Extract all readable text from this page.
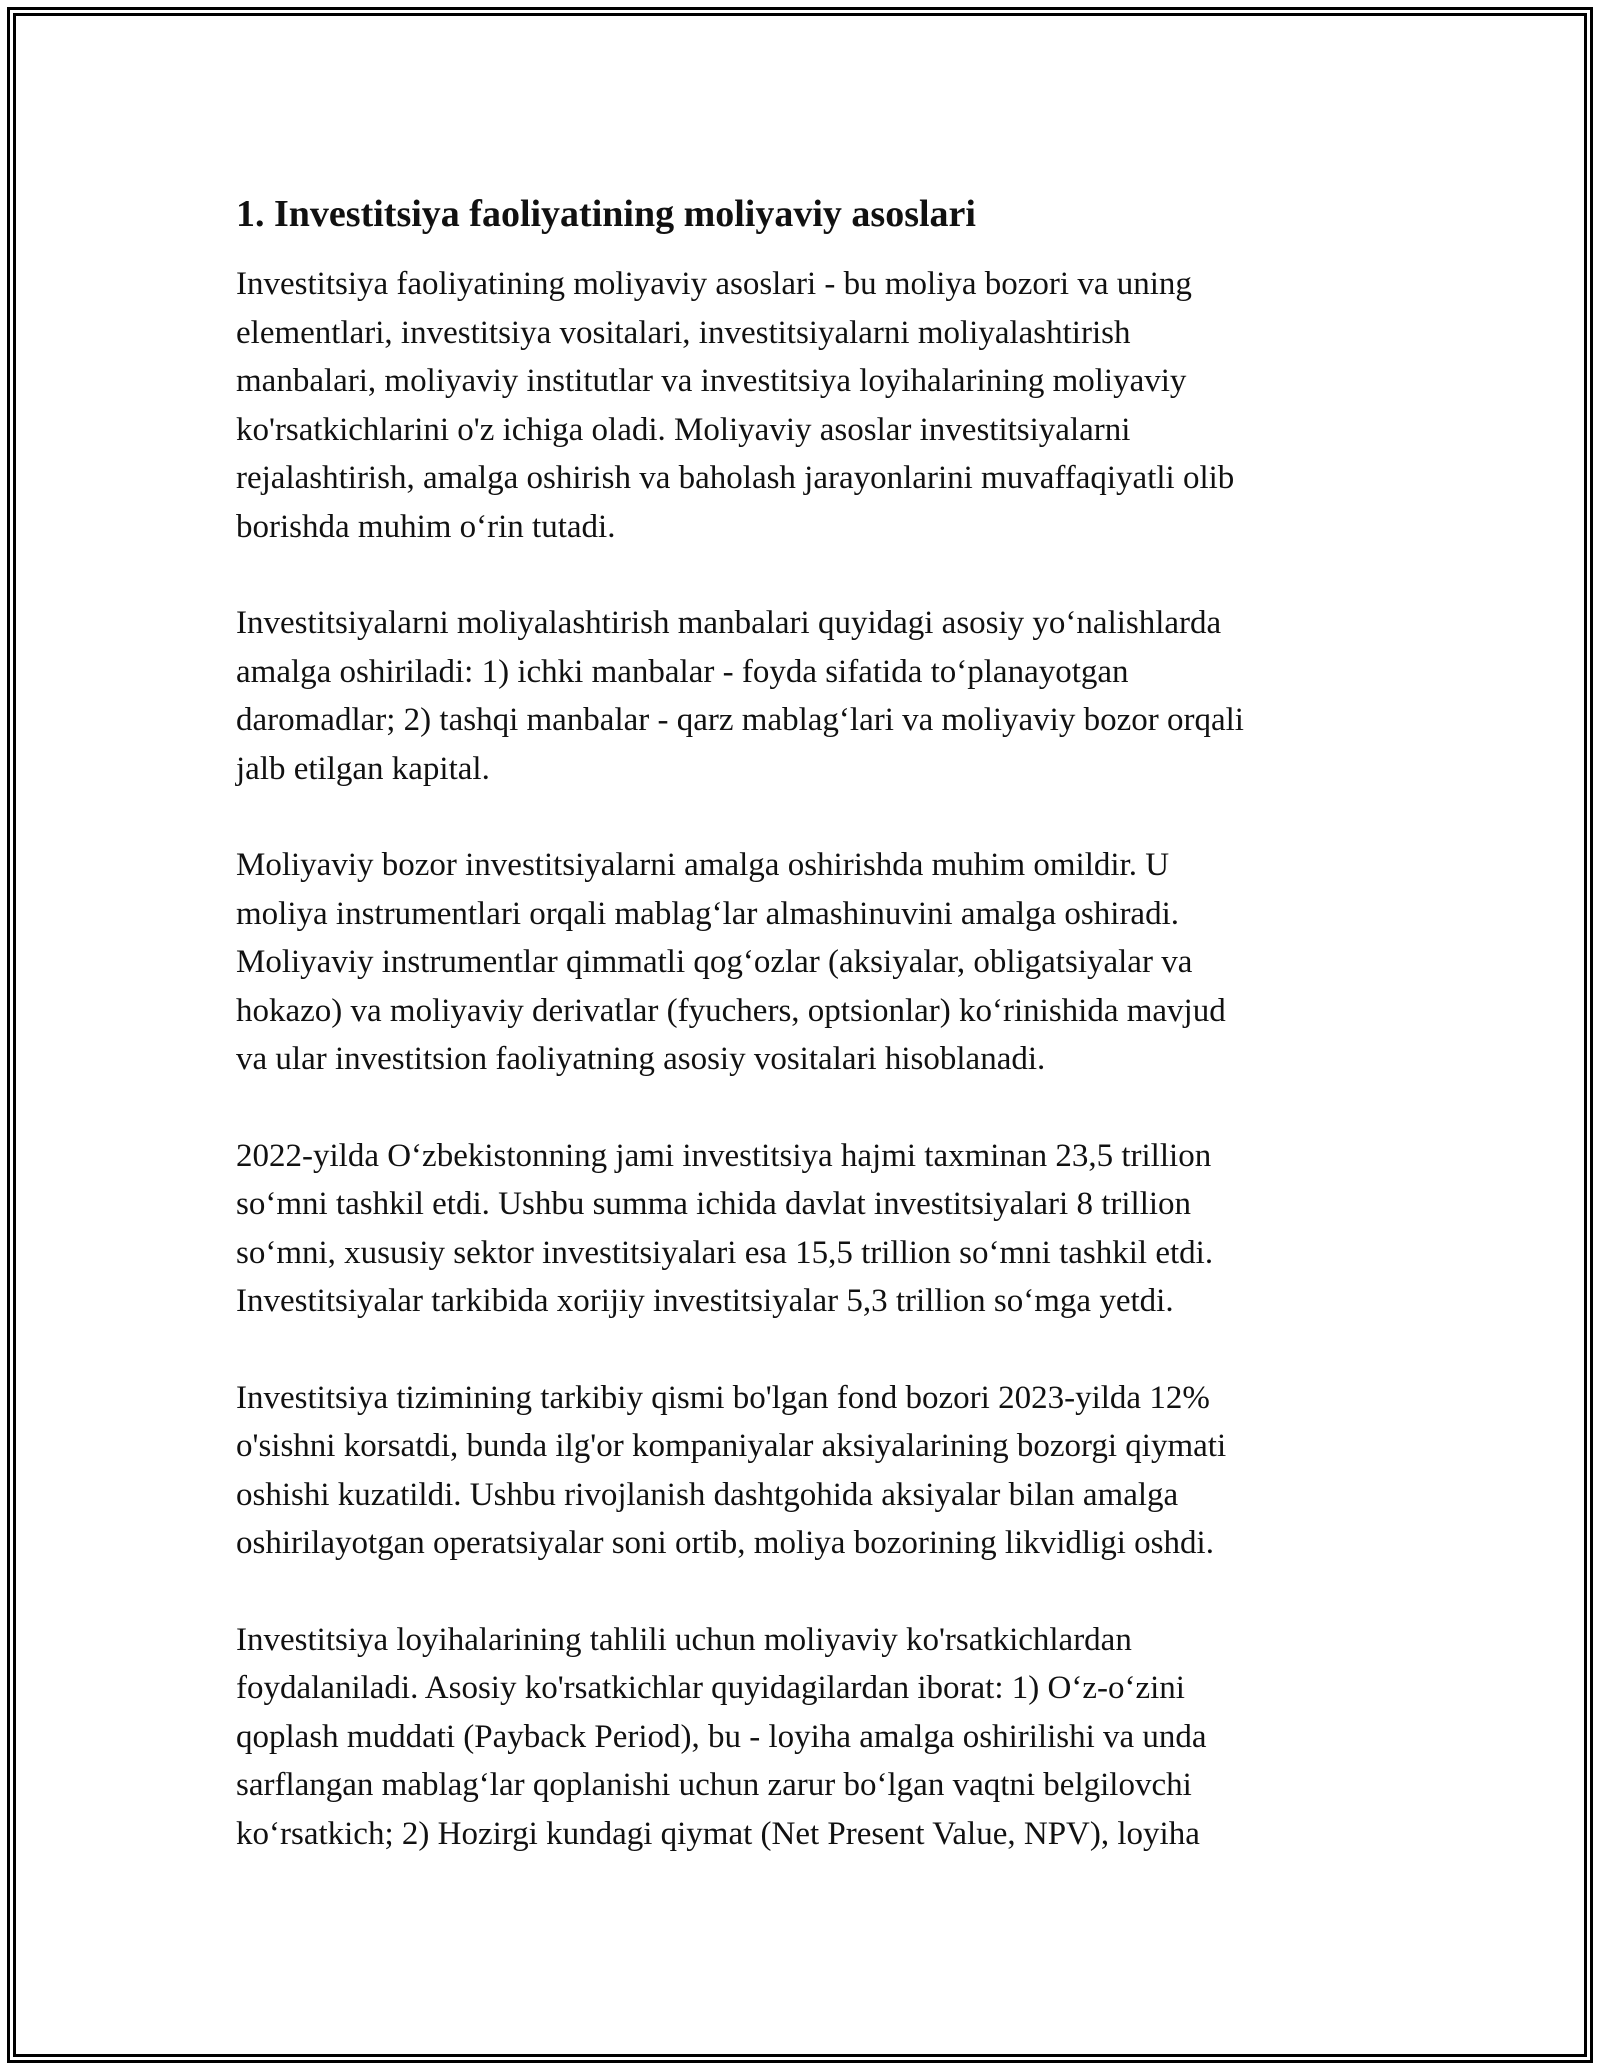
1. Investitsiya faoliyatining moliyaviy asoslari
Investitsiya faoliyatining moliyaviy asoslari - bu moliya bozori va uning
elementlari, investitsiya vositalari, investitsiyalarni moliyalashtirish
manbalari, moliyaviy institutlar va investitsiya loyihalarining moliyaviy
ko'rsatkichlarini o'z ichiga oladi. Moliyaviy asoslar investitsiyalarni
rejalashtirish, amalga oshirish va baholash jarayonlarini muvaffaqiyatli olib
borishda muhim o‘rin tutadi.
Investitsiyalarni moliyalashtirish manbalari quyidagi asosiy yo‘nalishlarda
amalga oshiriladi: 1) ichki manbalar - foyda sifatida to‘planayotgan
daromadlar; 2) tashqi manbalar - qarz mablag‘lari va moliyaviy bozor orqali
jalb etilgan kapital.
Moliyaviy bozor investitsiyalarni amalga oshirishda muhim omildir. U
moliya instrumentlari orqali mablag‘lar almashinuvini amalga oshiradi.
Moliyaviy instrumentlar qimmatli qog‘ozlar (aksiyalar, obligatsiyalar va
hokazo) va moliyaviy derivatlar (fyuchers, optsionlar) ko‘rinishida mavjud
va ular investitsion faoliyatning asosiy vositalari hisoblanadi.
2022-yilda O‘zbekistonning jami investitsiya hajmi taxminan 23,5 trillion
so‘mni tashkil etdi. Ushbu summa ichida davlat investitsiyalari 8 trillion
so‘mni, xususiy sektor investitsiyalari esa 15,5 trillion so‘mni tashkil etdi.
Investitsiyalar tarkibida xorijiy investitsiyalar 5,3 trillion so‘mga yetdi.
Investitsiya tizimining tarkibiy qismi bo'lgan fond bozori 2023-yilda 12%
o'sishni korsatdi, bunda ilg'or kompaniyalar aksiyalarining bozorgi qiymati
oshishi kuzatildi. Ushbu rivojlanish dashtgohida aksiyalar bilan amalga
oshirilayotgan operatsiyalar soni ortib, moliya bozorining likvidligi oshdi.
Investitsiya loyihalarining tahlili uchun moliyaviy ko'rsatkichlardan
foydalaniladi. Asosiy ko'rsatkichlar quyidagilardan iborat: 1) O‘z-o‘zini
qoplash muddati (Payback Period), bu - loyiha amalga oshirilishi va unda
sarflangan mablag‘lar qoplanishi uchun zarur bo‘lgan vaqtni belgilovchi
ko‘rsatkich; 2) Hozirgi kundagi qiymat (Net Present Value, NPV), loyiha
